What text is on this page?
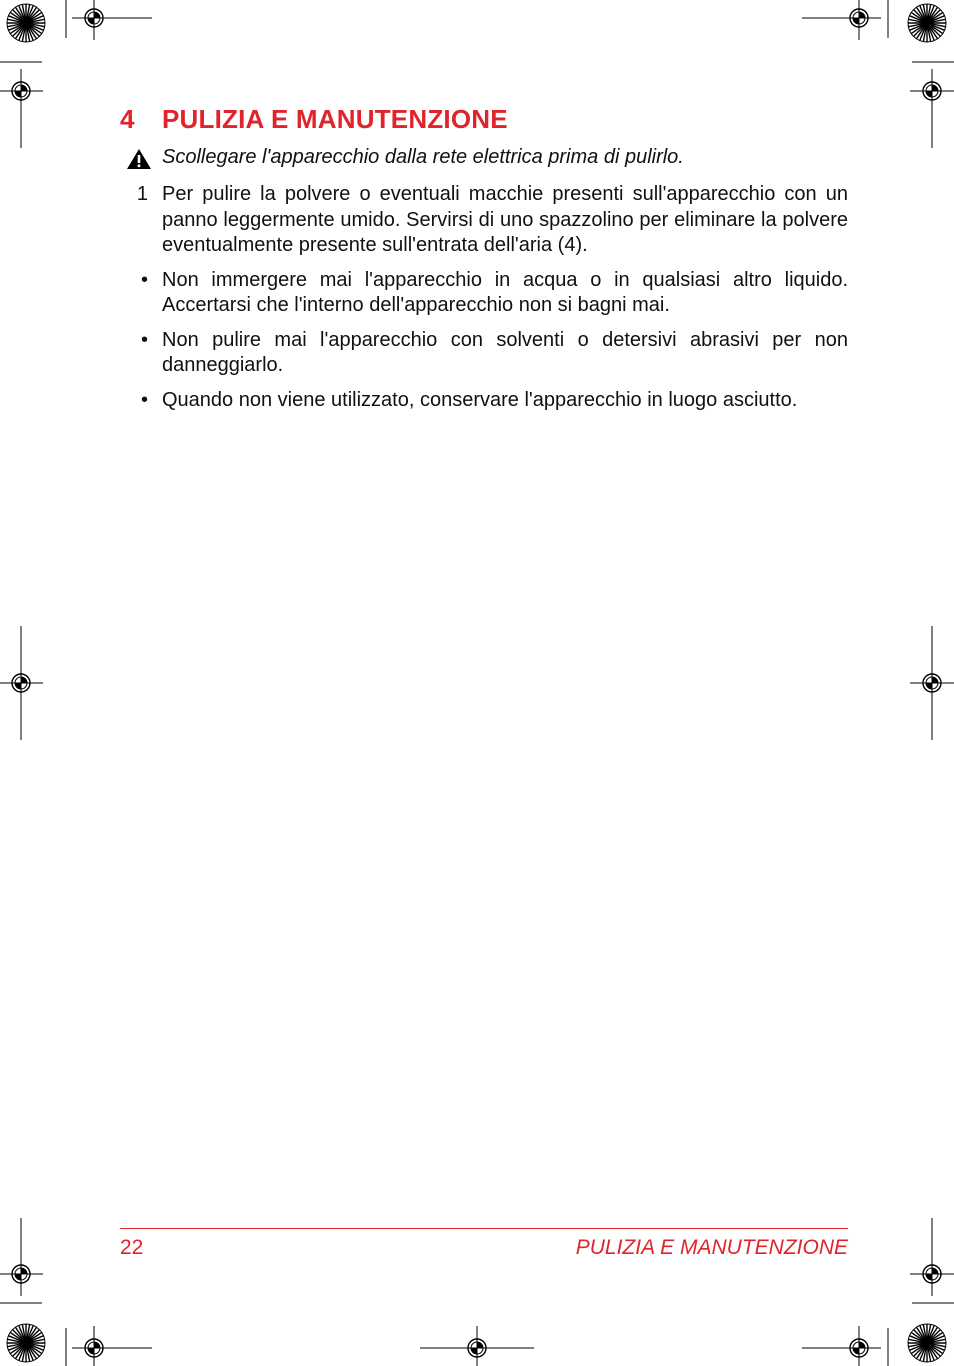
4 PULIZIA E MANUTENZIONE
Scollegare l'apparecchio dalla rete elettrica prima di pulirlo.
1 Per pulire la polvere o eventuali macchie presenti sull'apparecchio con un panno leggermente umido. Servirsi di uno spazzolino per eliminare la polvere eventualmente presente sull'entrata dell'aria (4).
• Non immergere mai l'apparecchio in acqua o in qualsiasi altro liquido. Accertarsi che l'interno dell'apparecchio non si bagni mai.
• Non pulire mai l'apparecchio con solventi o detersivi abrasivi per non danneggiarlo.
• Quando non viene utilizzato, conservare l'apparecchio in luogo asciutto.
22	PULIZIA E MANUTENZIONE
